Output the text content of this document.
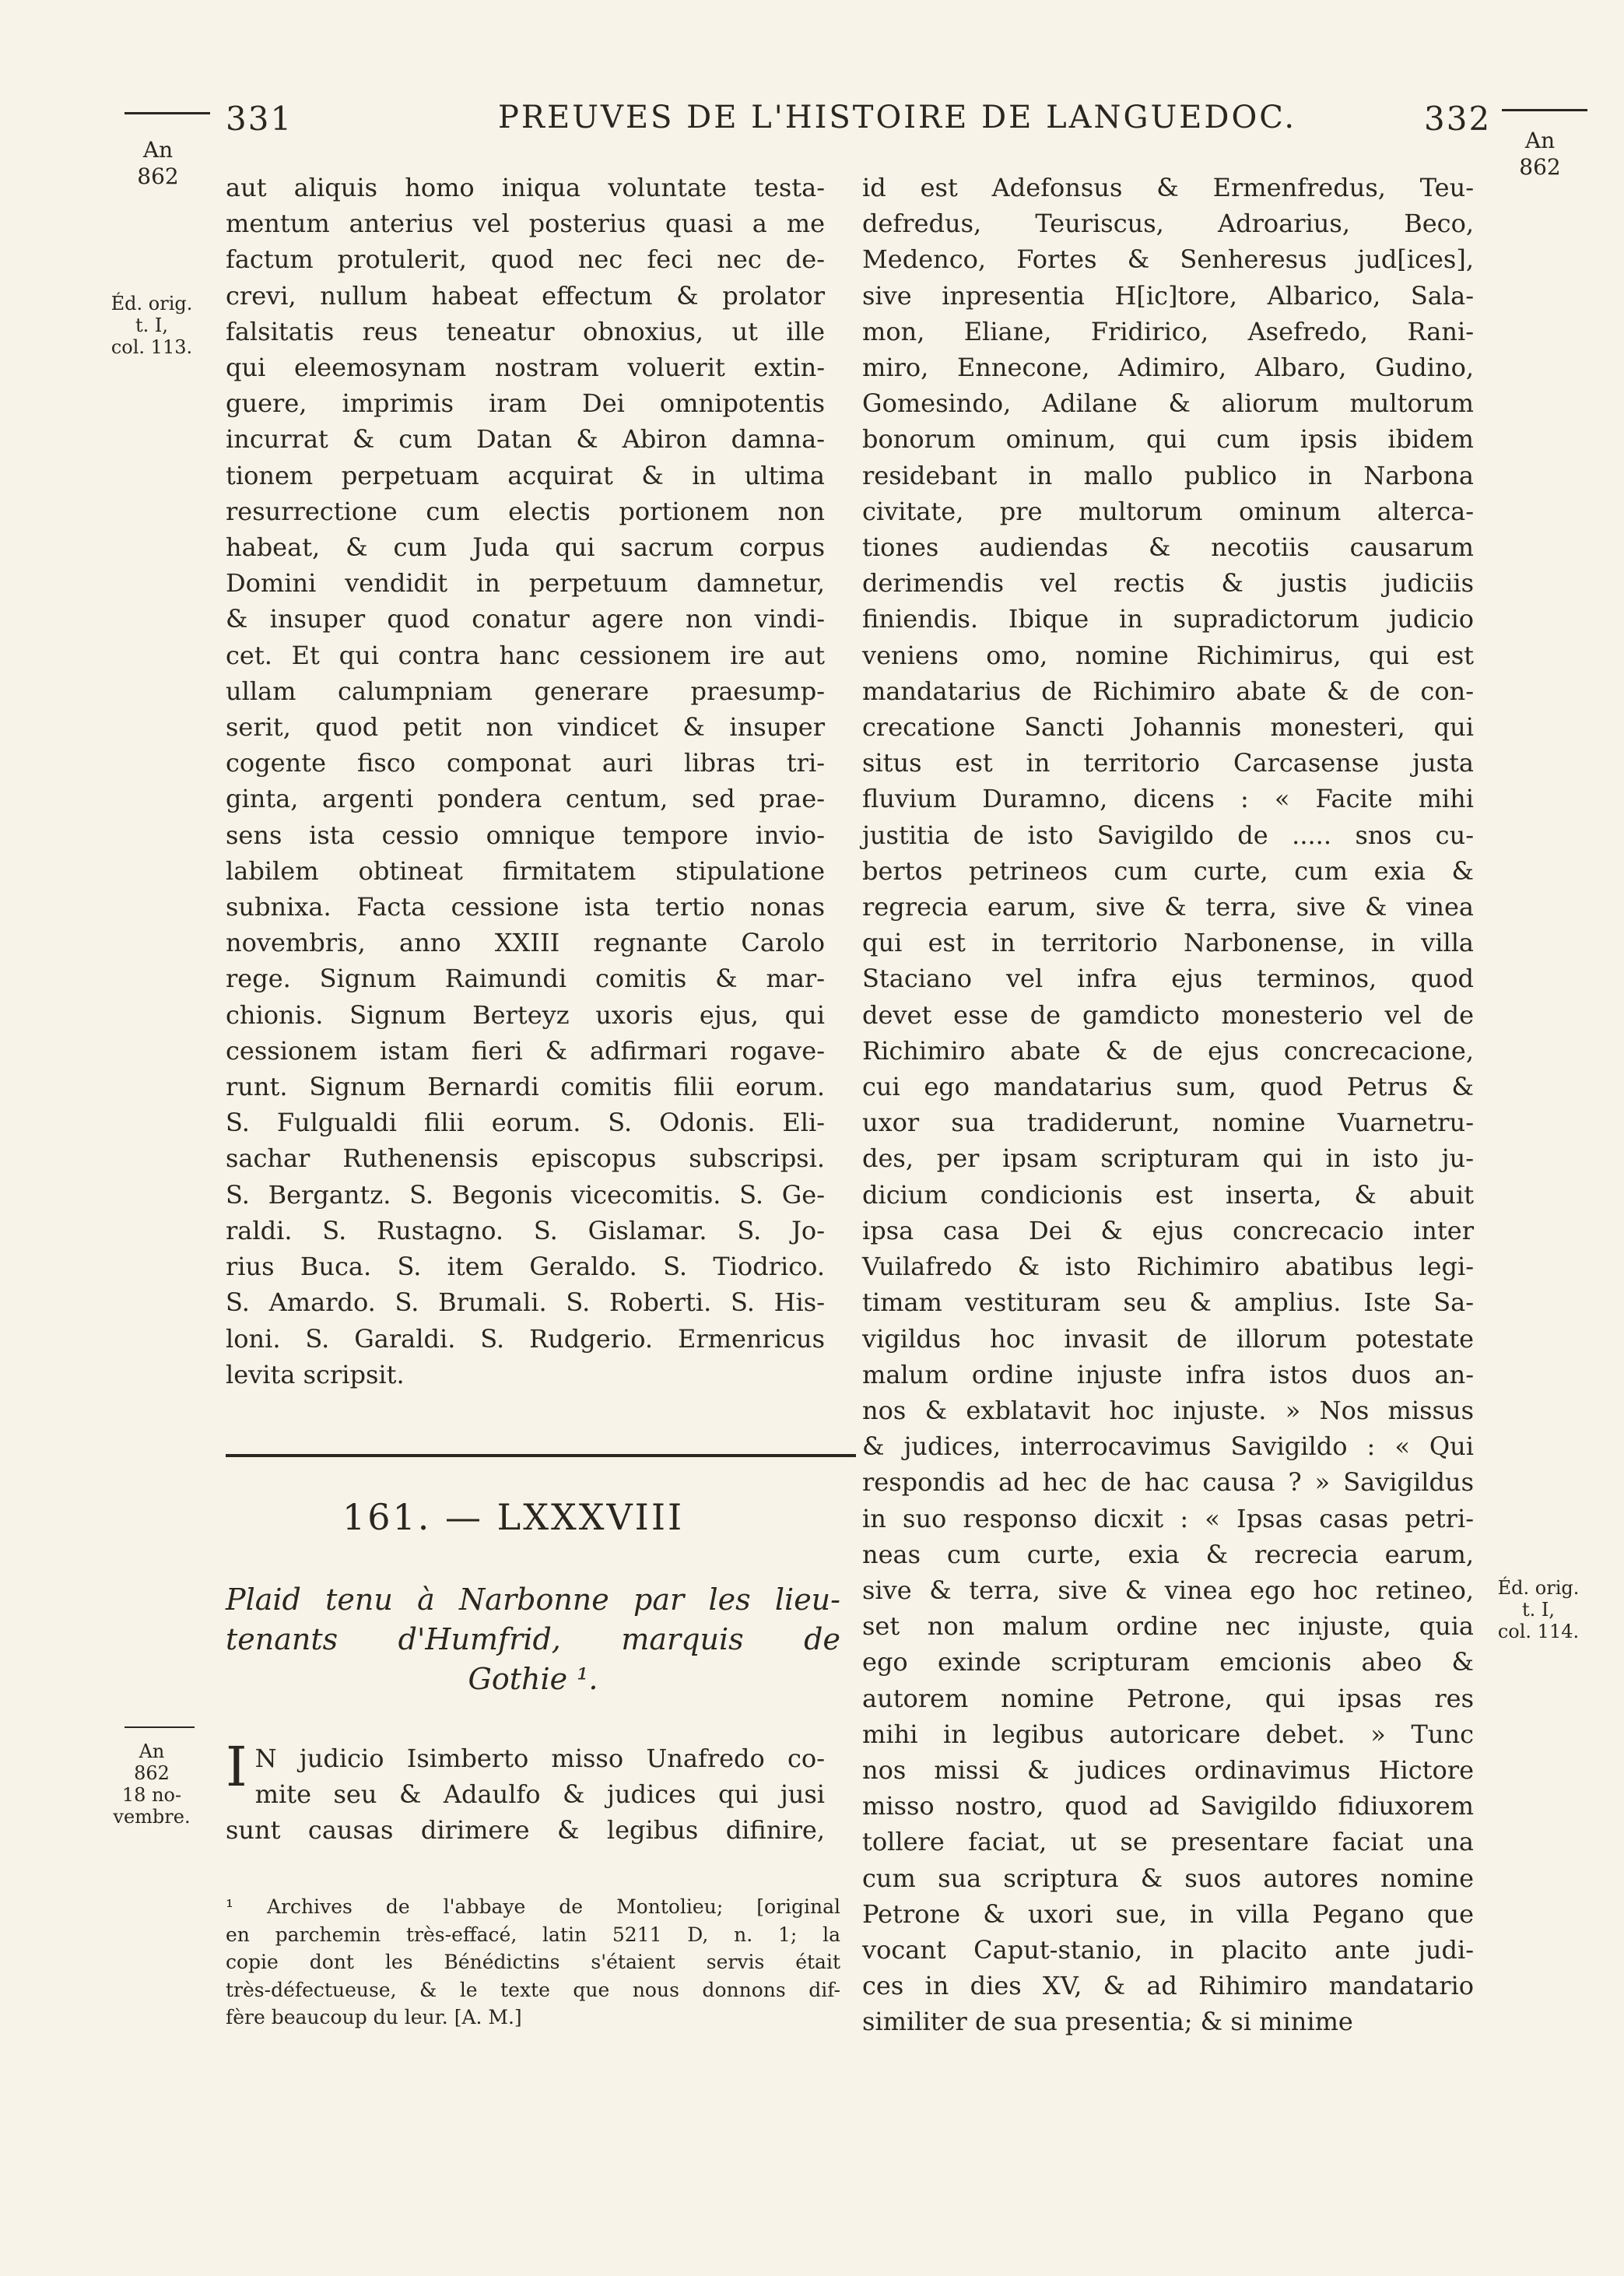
331	PREUVES DE L'HISTOIRE DE LANGUEDOC.	332
An
862
Éd. orig.
t. I,
col. 113.
An
862
18 no-
vembre.
An
862
Éd. orig.
t. I,
col. 114.
aut aliquis homo iniqua voluntate testa-
mentum anterius vel posterius quasi a me
factum protulerit, quod nec feci nec de-
crevi, nullum habeat effectum & prolator
falsitatis reus teneatur obnoxius, ut ille
qui eleemosynam nostram voluerit extin-
guere, imprimis iram Dei omnipotentis
incurrat & cum Datan & Abiron damna-
tionem perpetuam acquirat & in ultima
resurrectione cum electis portionem non
habeat, & cum Juda qui sacrum corpus
Domini vendidit in perpetuum damnetur,
& insuper quod conatur agere non vindi-
cet. Et qui contra hanc cessionem ire aut
ullam calumpniam generare praesump-
serit, quod petit non vindicet & insuper
cogente fisco componat auri libras tri-
ginta, argenti pondera centum, sed prae-
sens ista cessio omnique tempore invio-
labilem obtineat firmitatem stipulatione
subnixa. Facta cessione ista tertio nonas
novembris, anno XXIII regnante Carolo
rege. Signum Raimundi comitis & mar-
chionis. Signum Berteyz uxoris ejus, qui
cessionem istam fieri & adfirmari rogave-
runt. Signum Bernardi comitis filii eorum.
S. Fulgualdi filii eorum. S. Odonis. Eli-
sachar Ruthenensis episcopus subscripsi.
S. Bergantz. S. Begonis vicecomitis. S. Ge-
raldi. S. Rustagno. S. Gislamar. S. Jo-
rius Buca. S. item Geraldo. S. Tiodrico.
S. Amardo. S. Brumali. S. Roberti. S. His-
loni. S. Garaldi. S. Rudgerio. Ermenricus
levita scripsit.
161. — LXXXVIII
Plaid tenu à Narbonne par les lieu-
tenants d'Humfrid, marquis de
Gothie ¹.
I N judicio Isimberto misso Unafredo co-
mite seu & Adaulfo & judices qui jusi
sunt causas dirimere & legibus difinire,
¹ Archives de l'abbaye de Montolieu; [original
en parchemin très-effacé, latin 5211 D, n. 1; la
copie dont les Bénédictins s'étaient servis était
très-défectueuse, & le texte que nous donnons dif-
fère beaucoup du leur. [A. M.]
id est Adefonsus & Ermenfredus, Teu-
defredus, Teuriscus, Adroarius, Beco,
Medenco, Fortes & Senheresus jud[ices],
sive inpresentia H[ic]tore, Albarico, Sala-
mon, Eliane, Fridirico, Asefredo, Rani-
miro, Ennecone, Adimiro, Albaro, Gudino,
Gomesindo, Adilane & aliorum multorum
bonorum ominum, qui cum ipsis ibidem
residebant in mallo publico in Narbona
civitate, pre multorum ominum alterca-
tiones audiendas & necotiis causarum
derimendis vel rectis & justis judiciis
finiendis. Ibique in supradictorum judicio
veniens omo, nomine Richimirus, qui est
mandatarius de Richimiro abate & de con-
crecatione Sancti Johannis monesteri, qui
situs est in territorio Carcasense justa
fluvium Duramno, dicens : « Facite mihi
justitia de isto Savigildo de ..... snos cu-
bertos petrineos cum curte, cum exia &
regrecia earum, sive & terra, sive & vinea
qui est in territorio Narbonense, in villa
Staciano vel infra ejus terminos, quod
devet esse de gamdicto monesterio vel de
Richimiro abate & de ejus concrecacione,
cui ego mandatarius sum, quod Petrus &
uxor sua tradiderunt, nomine Vuarnetru-
des, per ipsam scripturam qui in isto ju-
dicium condicionis est inserta, & abuit
ipsa casa Dei & ejus concrecacio inter
Vuilafredo & isto Richimiro abatibus legi-
timam vestituram seu & amplius. Iste Sa-
vigildus hoc invasit de illorum potestate
malum ordine injuste infra istos duos an-
nos & exblatavit hoc injuste. » Nos missus
& judices, interrocavimus Savigildo : « Qui
respondis ad hec de hac causa ? » Savigildus
in suo responso dicxit : « Ipsas casas petri-
neas cum curte, exia & recrecia earum,
sive & terra, sive & vinea ego hoc retineo,
set non malum ordine nec injuste, quia
ego exinde scripturam emcionis abeo &
autorem nomine Petrone, qui ipsas res
mihi in legibus autoricare debet. » Tunc
nos missi & judices ordinavimus Hictore
misso nostro, quod ad Savigildo fidiuxorem
tollere faciat, ut se presentare faciat una
cum sua scriptura & suos autores nomine
Petrone & uxori sue, in villa Pegano que
vocant Caput-stanio, in placito ante judi-
ces in dies XV, & ad Rihimiro mandatario
similiter de sua presentia; & si minime
